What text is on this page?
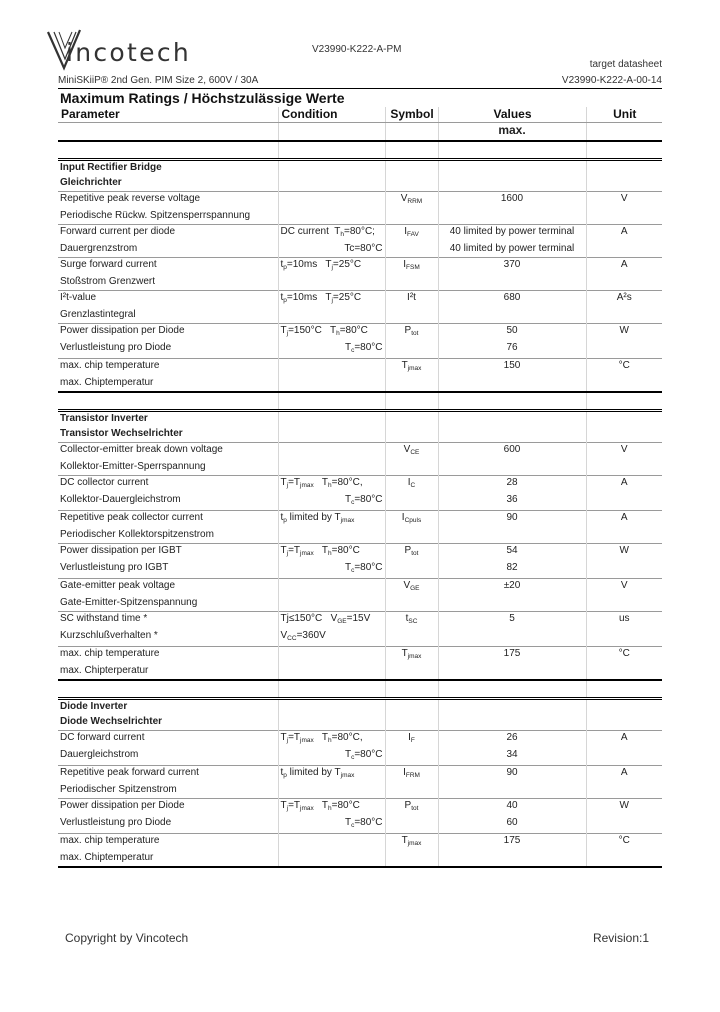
incotech	V23990-K222-A-PM
target datasheet
MiniSKiiP® 2nd Gen. PIM Size 2, 600V / 30A	V23990-K222-A-00-14
Maximum Ratings / Höchstzulässige Werte
Parameter	Condition	Symbol	Values	Unit
			max.	

Input Rectifier Bridge				
Gleichrichter				
Repetitive peak reverse voltage		$V_{RRM}$	1600	V
Periodische Rückw. Spitzensperrspannung				
Forward current per diode	DC current $T_h=80^\circ C$;	$I_{FAV}$	40 limited by power terminal	A
Dauergrenzstrom	Tc=80°C		40 limited by power terminal	
Surge forward current	$t_p=10ms$ $T_j=25^\circ C$	$I_{FSM}$	370	A
Stoßstrom Grenzwert				
I²t-value	$t_p=10ms$ $T_j=25^\circ C$	I²t	680	A²s
Grenzlastintegral				
Power dissipation per Diode	$T_j=150^\circ C$ $T_h=80^\circ C$	$P_{tot}$	50	W
Verlustleistung pro Diode	$T_c=80^\circ C$		76	
max. chip temperature		$T_{jmax}$	150	°C
max. Chiptemperatur				

Transistor Inverter				
Transistor Wechselrichter				
Collector-emitter break down voltage		$V_{CE}$	600	V
Kollektor-Emitter-Sperrspannung				
DC collector current	$T_j=T_{jmax}$ $T_h=80^\circ C$,	$I_C$	28	A
Kollektor-Dauergleichstrom	$T_c=80^\circ C$		36	
Repetitive peak collector current	$t_p$ limited by $T_{jmax}$	$I_{Cpuls}$	90	A
Periodischer Kollektorspitzenstrom				
Power dissipation per IGBT	$T_j=T_{jmax}$ $T_h=80^\circ C$	$P_{tot}$	54	W
Verlustleistung pro IGBT	$T_c=80^\circ C$		82	
Gate-emitter peak voltage		$V_{GE}$	±20	V
Gate-Emitter-Spitzenspannung				
SC withstand time *	Tj≤150°C $V_{GE}=15V$	$t_{SC}$	5	us
Kurzschlußverhalten *	$V_{CC}=360V$			
max. chip temperature		$T_{jmax}$	175	°C
max. Chipterperatur				

Diode Inverter				
Diode Wechselrichter				
DC forward current	$T_j=T_{jmax}$ $T_h=80^\circ C$,	$I_F$	26	A
Dauergleichstrom	$T_c=80^\circ C$		34	
Repetitive peak forward current	$t_p$ limited by $T_{jmax}$	$I_{FRM}$	90	A
Periodischer Spitzenstrom				
Power dissipation per Diode	$T_j=T_{jmax}$ $T_h=80^\circ C$	$P_{tot}$	40	W
Verlustleistung pro Diode	$T_c=80^\circ C$		60	
max. chip temperature		$T_{jmax}$	175	°C
max. Chiptemperatur				
Copyright by Vincotech	Revision:1
